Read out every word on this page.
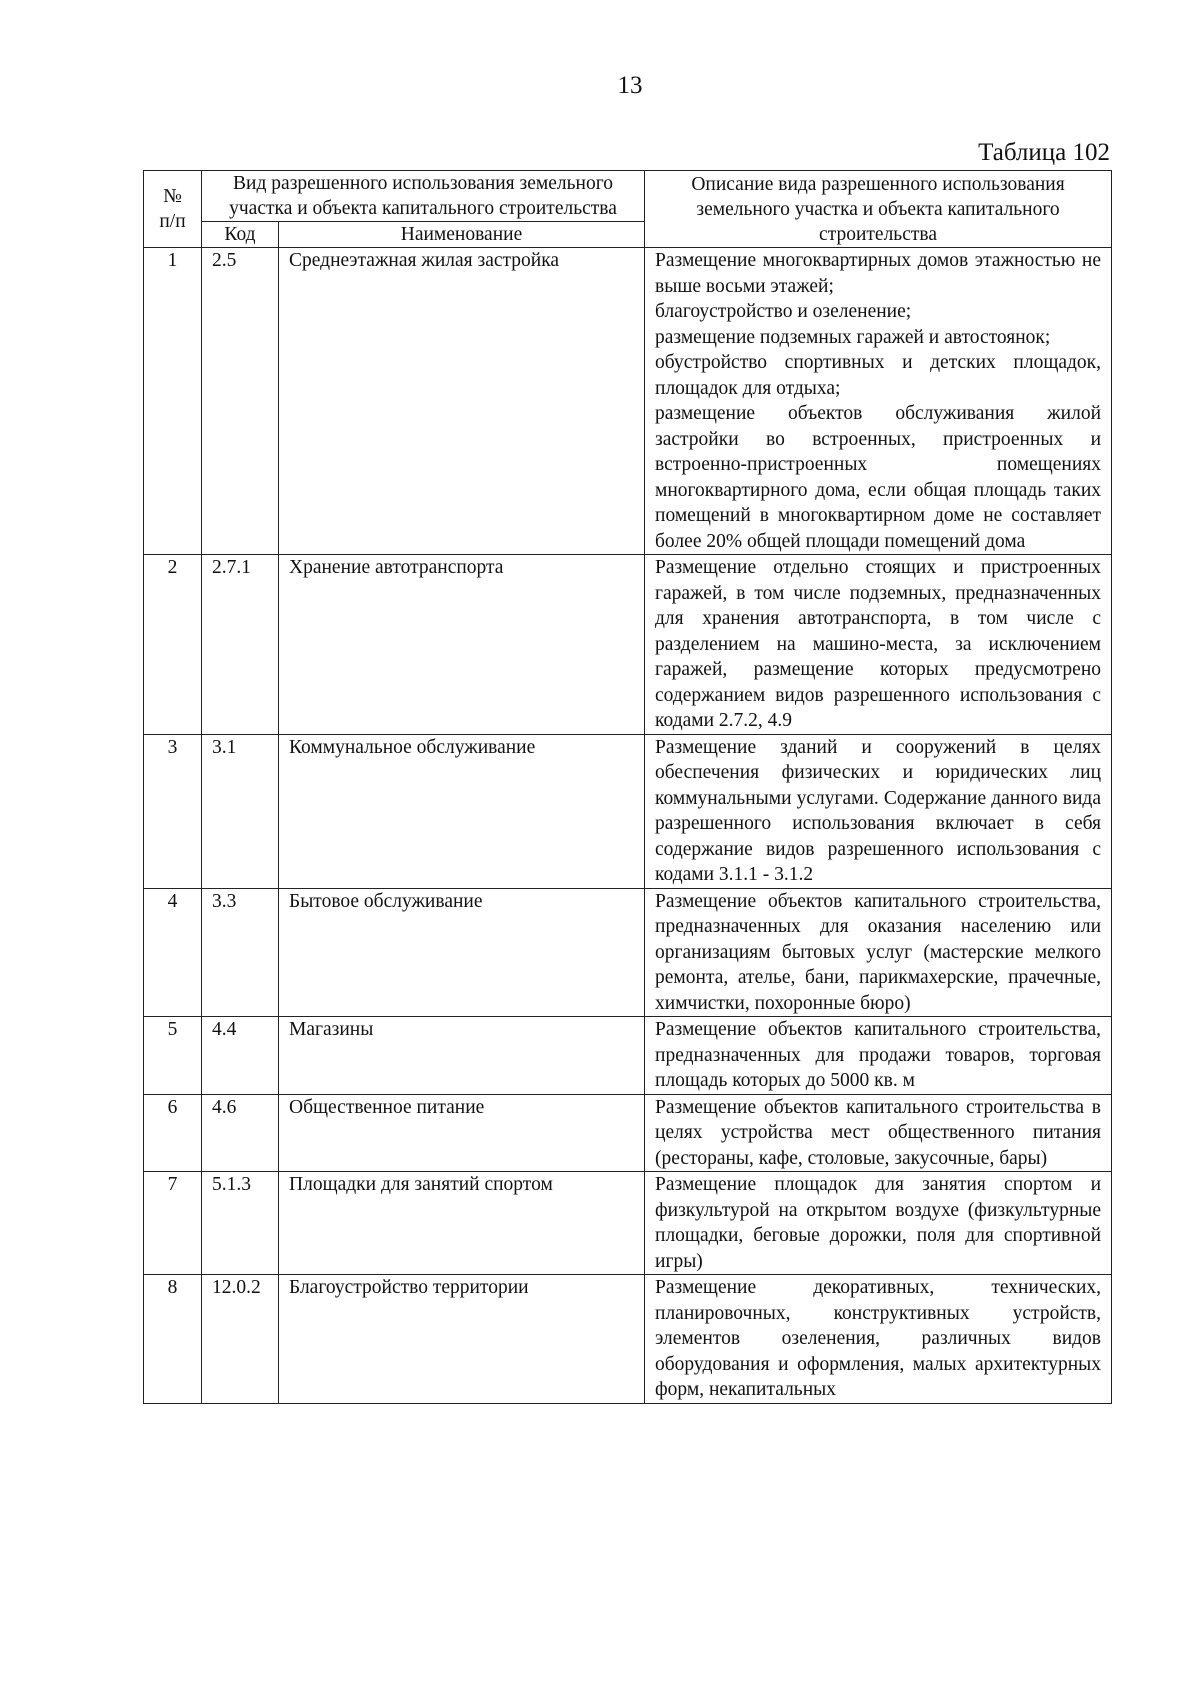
13
Таблица 102
№ п/п	Вид разрешенного использования земельного участка и объекта капитального строительства		Описание вида разрешенного использования земельного участка и объекта капитального строительства
	Код	Наименование	
1	2.5	Среднеэтажная жилая застройка	Размещение многоквартирных домов этажностью не выше восьми этажей;
благоустройство и озеленение;
размещение подземных гаражей и автостоянок;
обустройство спортивных и детских площадок, площадок для отдыха;
размещение объектов обслуживания жилой застройки во встроенных, пристроенных и встроенно-пристроенных помещениях многоквартирного дома, если общая площадь таких помещений в многоквартирном доме не составляет более 20% общей площади помещений дома

2	2.7.1	Хранение автотранспорта	Размещение отдельно стоящих и пристроенных гаражей, в том числе подземных, предназначенных для хранения автотранспорта, в том числе с разделением на машино-места, за исключением гаражей, размещение которых предусмотрено содержанием видов разрешенного использования с кодами 2.7.2, 4.9

3	3.1	Коммунальное обслуживание	Размещение зданий и сооружений в целях обеспечения физических и юридических лиц коммунальными услугами. Содержание данного вида разрешенного использования включает в себя содержание видов разрешенного использования с кодами 3.1.1 - 3.1.2

4	3.3	Бытовое обслуживание	Размещение объектов капитального строительства, предназначенных для оказания населению или организациям бытовых услуг (мастерские мелкого ремонта, ателье, бани, парикмахерские, прачечные, химчистки, похоронные бюро)

5	4.4	Магазины	Размещение объектов капитального строительства, предназначенных для продажи товаров, торговая площадь которых до 5000 кв. м

6	4.6	Общественное питание	Размещение объектов капитального строительства в целях устройства мест общественного питания (рестораны, кафе, столовые, закусочные, бары)

7	5.1.3	Площадки для занятий спортом	Размещение площадок для занятия спортом и физкультурой на открытом воздухе (физкультурные площадки, беговые дорожки, поля для спортивной игры)

8	12.0.2	Благоустройство территории	Размещение декоративных, технических, планировочных, конструктивных устройств, элементов озеленения, различных видов оборудования и оформления, малых архитектурных форм, некапитальных
